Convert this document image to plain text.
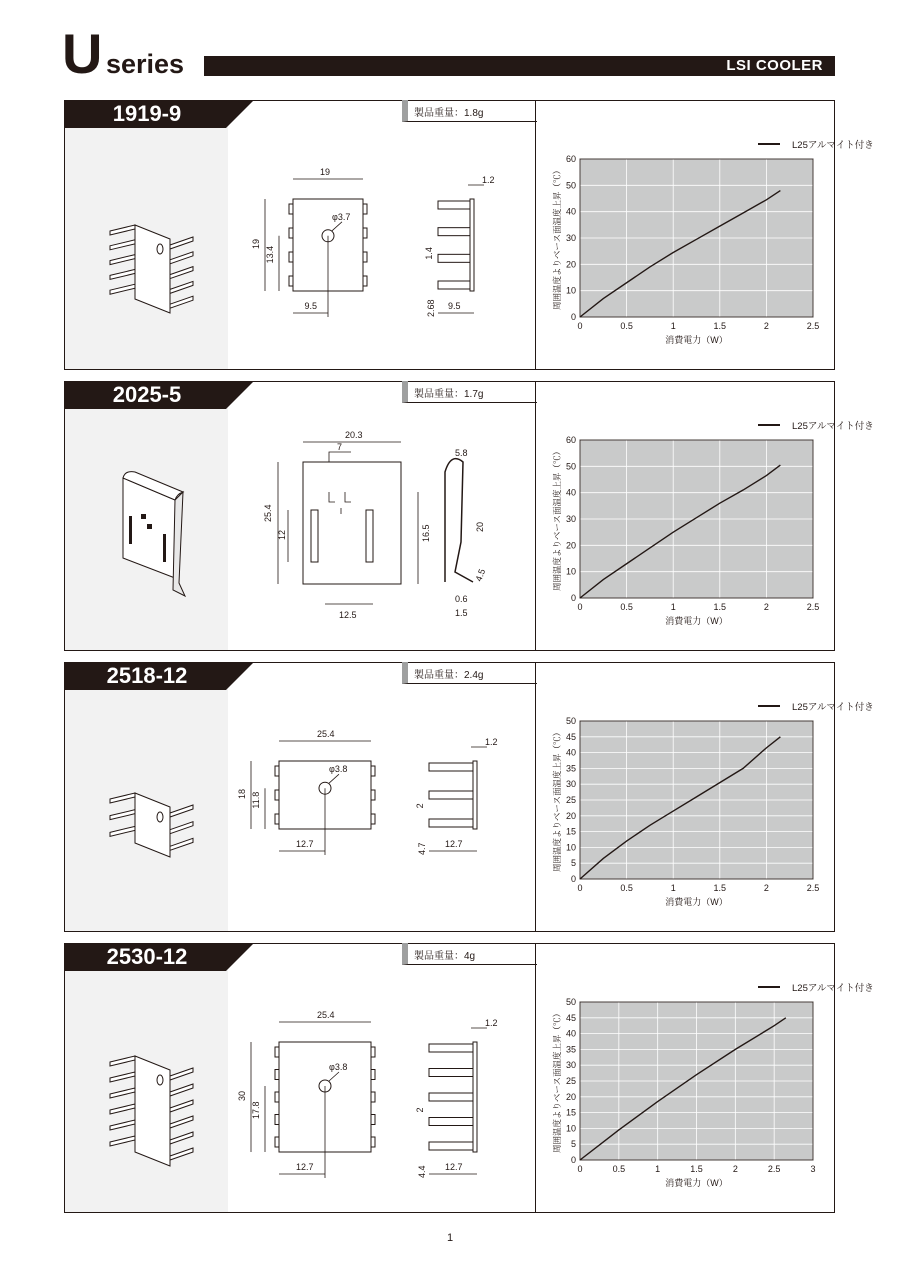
U series	LSI COOLER
1919-9	製品重量：1.8g
19
φ3.7
19
13.4
9.5
1.2
1.4
2.68 9.5
0	0.5	1	1.5	2	2.5
0
10
20
30
40
50
60
L25アルマイト付き
消費電力（W）
周囲温度よりベース面温度上昇（℃）
2025-5	製品重量：1.7g
20.3
7
25.4
12	16.5
12.5
5.8
20
4.5
0.6
1.5
0	0.5	1	1.5	2	2.5
0
10
20
30
40
50
60
L25アルマイト付き
消費電力（W）
周囲温度よりベース面温度上昇（℃）
2518-12	製品重量：2.4g
25.4
φ3.8
18 11.8
12.7
1.2
2
4.7 12.7
0	0.5	1	1.5	2	2.5
0
5
10
15
20
25
30
35
40
45
50
L25アルマイト付き
消費電力（W）
周囲温度よりベース面温度上昇（℃）
2530-12	製品重量：4g
25.4
φ3.8
30
17.8
12.7
1.2
2
4.4 12.7	0	0.5	1	1.5	2	2.5	3
0
5
10
15
20
25
30
35
40
45
50
L25アルマイト付き
消費電力（W）
周囲温度よりベース面温度上昇（℃）
1
